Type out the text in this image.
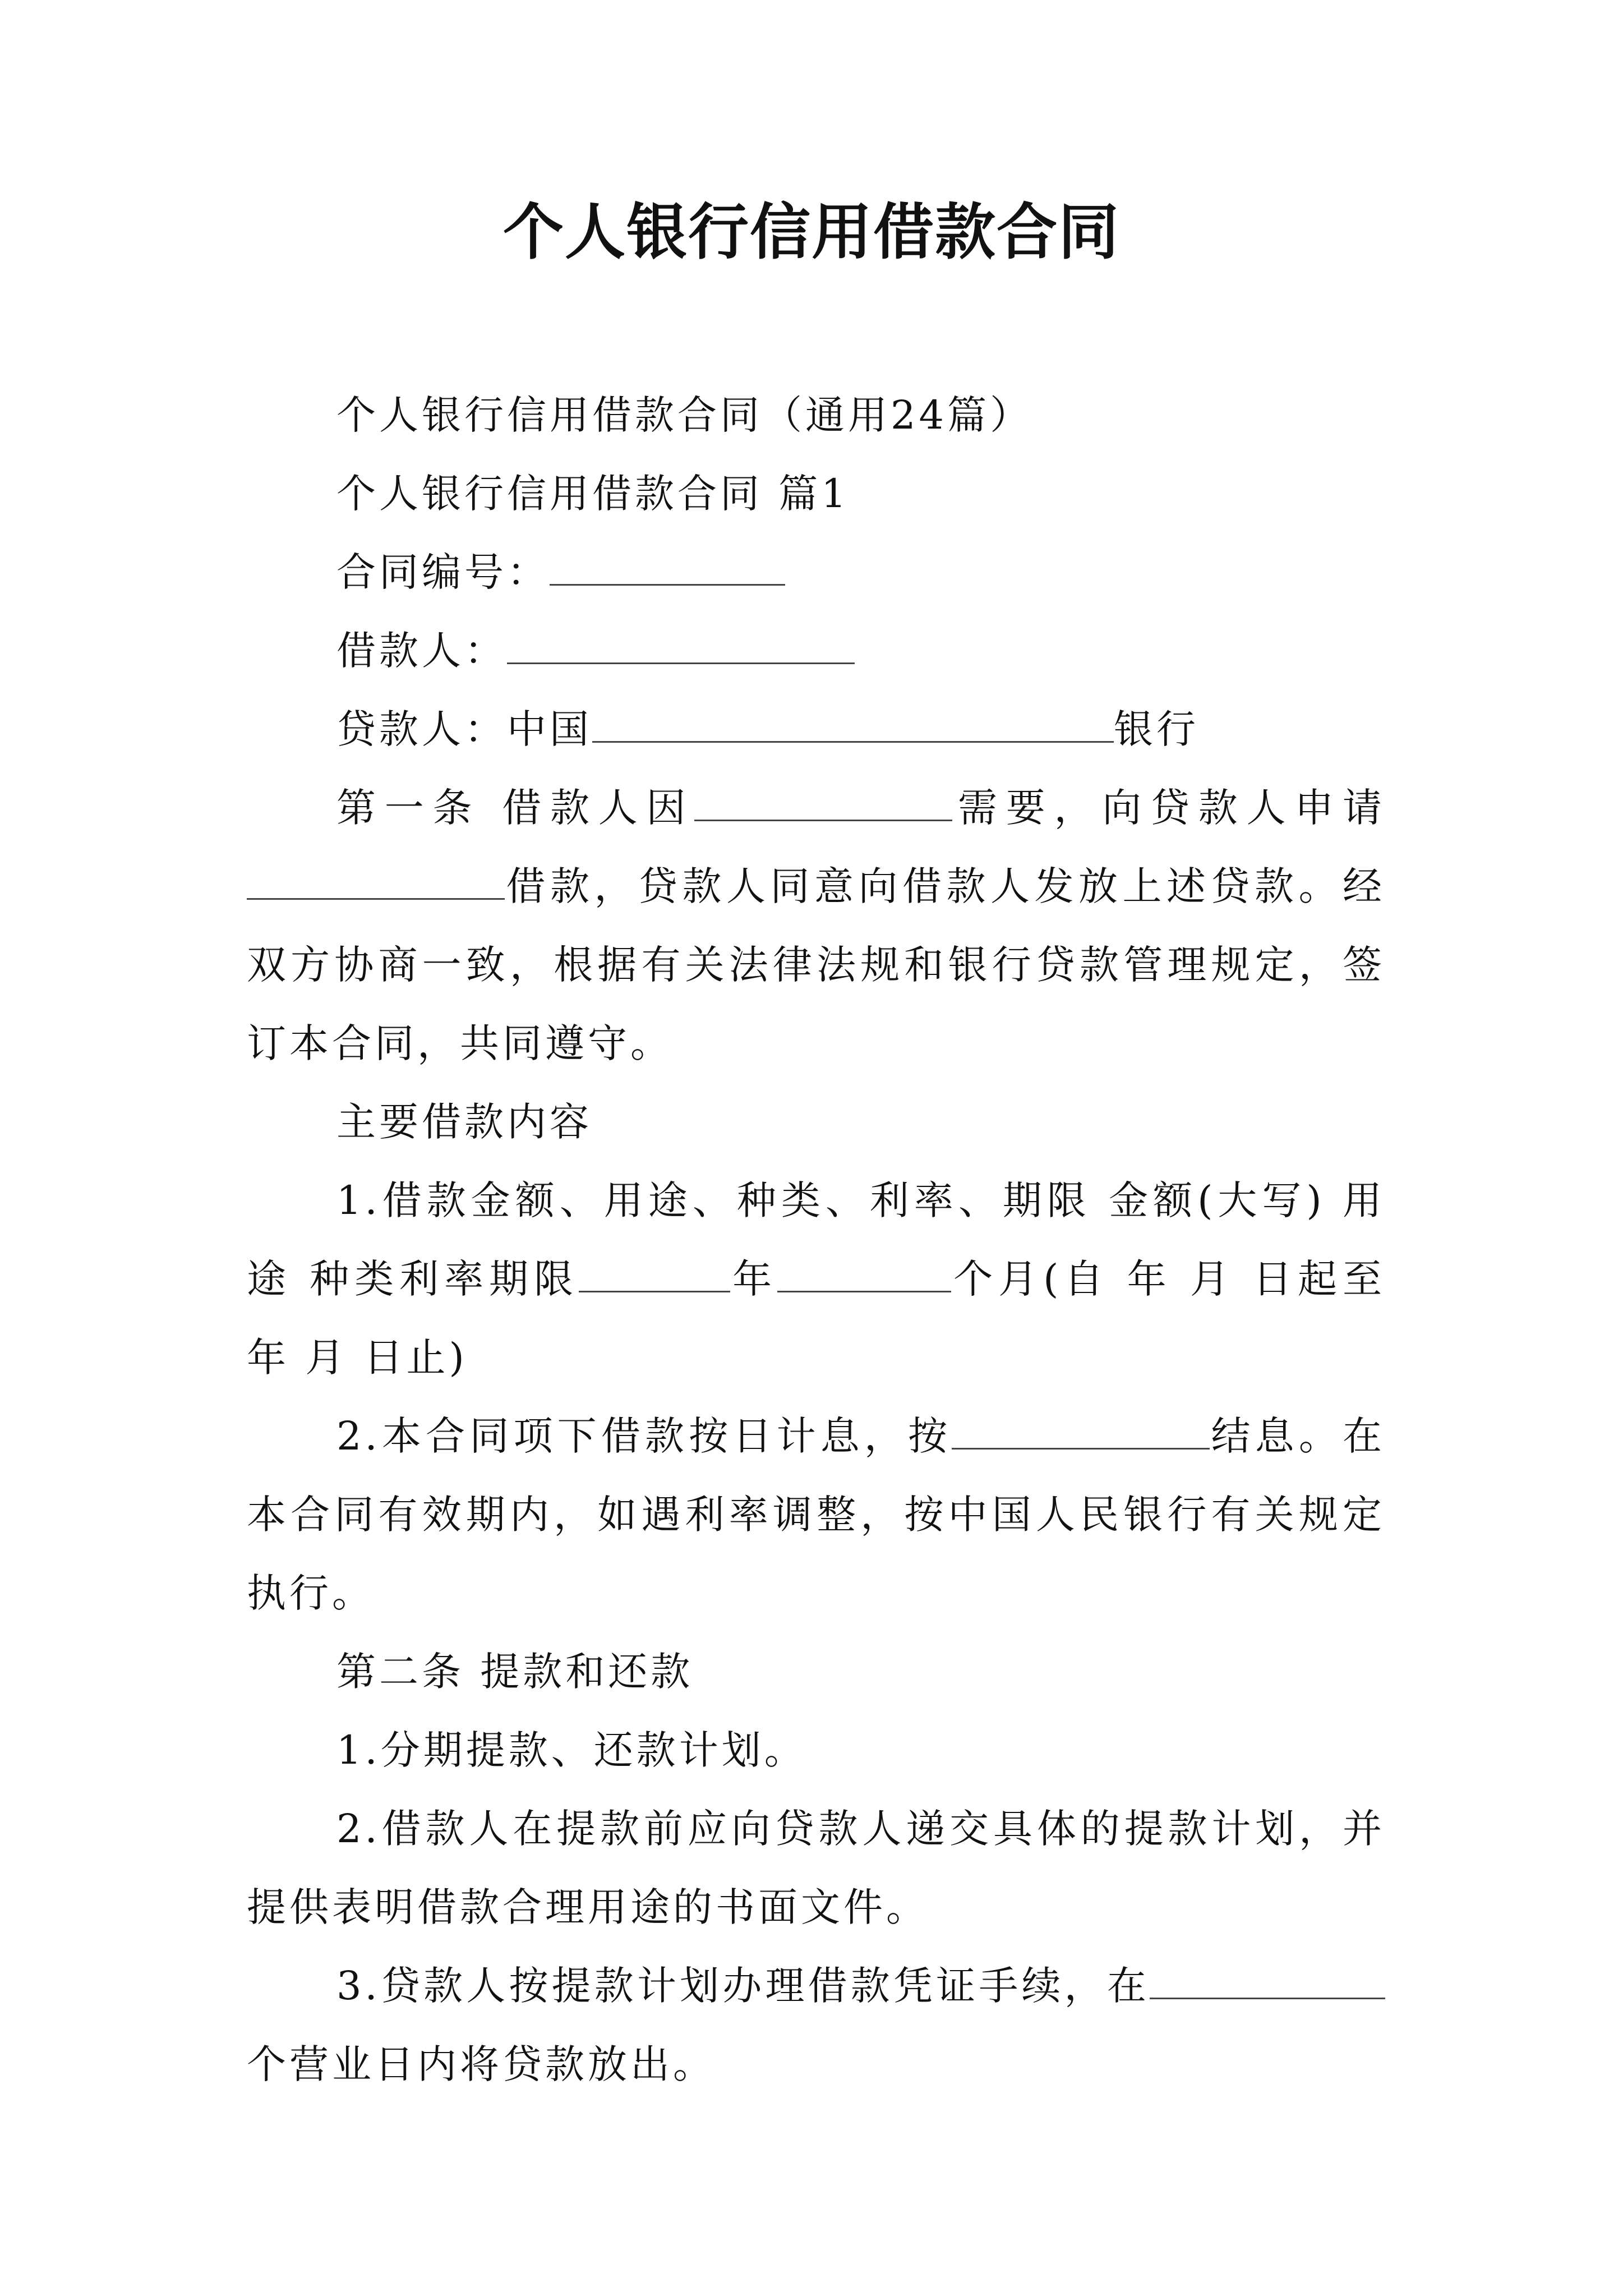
个人银行信用借款合同

个人银行信用借款合同（通用24篇）

个人银行信用借款合同 篇1

合同编号：

借款人：

贷款人：中国	银行

第一条 借款人因	需要，向贷款人申请借款，贷款人同意向借款人发放上述贷款。经双方协商一致，根据有关法律法规和银行贷款管理规定，签订本合同，共同遵守。

主要借款内容

1.借款金额、用途、种类、利率、期限 金额(大写) 用途 种类利率期限	年	个月(自 年 月 日起至 年 月 日止)

2.本合同项下借款按日计息，按	结息。在本合同有效期内，如遇利率调整，按中国人民银行有关规定执行。

第二条 提款和还款

1.分期提款、还款计划。

2.借款人在提款前应向贷款人递交具体的提款计划，并提供表明借款合理用途的书面文件。

3.贷款人按提款计划办理借款凭证手续，在个营业日内将贷款放出。
